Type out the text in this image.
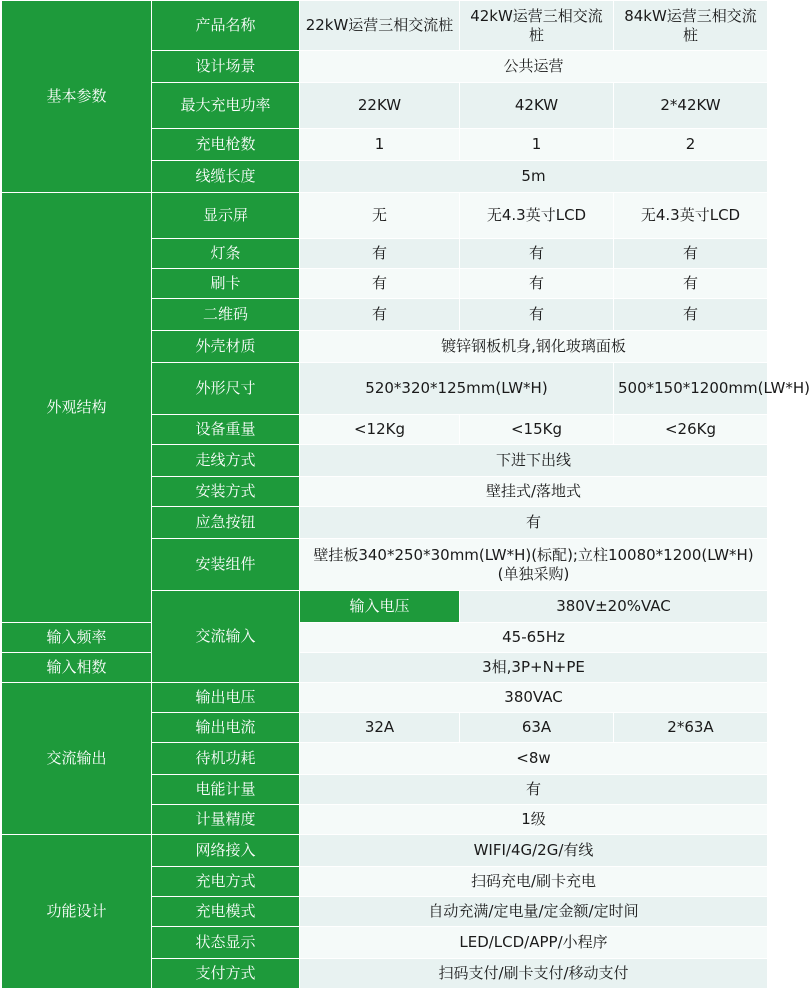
基本参数	产品名称	22kW运营三相交流桩	42kW运营三相交流桩	84kW运营三相交流桩
	设计场景	公共运营		
	最大充电功率	22KW	42KW	2*42KW
	充电枪数	1	1	2
	线缆长度	5m		
外观结构	显示屏	无	无4.3英寸LCD	无4.3英寸LCD
	灯条	有	有	有
	刷卡	有	有	有
	二维码	有	有	有
	外壳材质	镀锌钢板机身,钢化玻璃面板		
	外形尺寸	520*320*125mm(LW*H)		500*150*1200mm(LW*H)
	设备重量	<12Kg	<15Kg	<26Kg
	走线方式	下进下出线		
	安装方式	壁挂式/落地式		
	应急按钮	有		
	安装组件	壁挂板340*250*30mm(LW*H)(标配);立柱10080*1200(LW*H)(单独采购)		
	交流输入	输入电压	380V±20%VAC	
输入频率		45-65Hz		
输入相数		3相,3P+N+PE		
交流输出	输出电压	380VAC		
	输出电流	32A	63A	2*63A
	待机功耗	<8w		
	电能计量	有		
	计量精度	1级		
功能设计	网络接入	WIFI/4G/2G/有线		
	充电方式	扫码充电/刷卡充电		
	充电模式	自动充满/定电量/定金额/定时间		
	状态显示	LED/LCD/APP/小程序		
	支付方式	扫码支付/刷卡支付/移动支付		
